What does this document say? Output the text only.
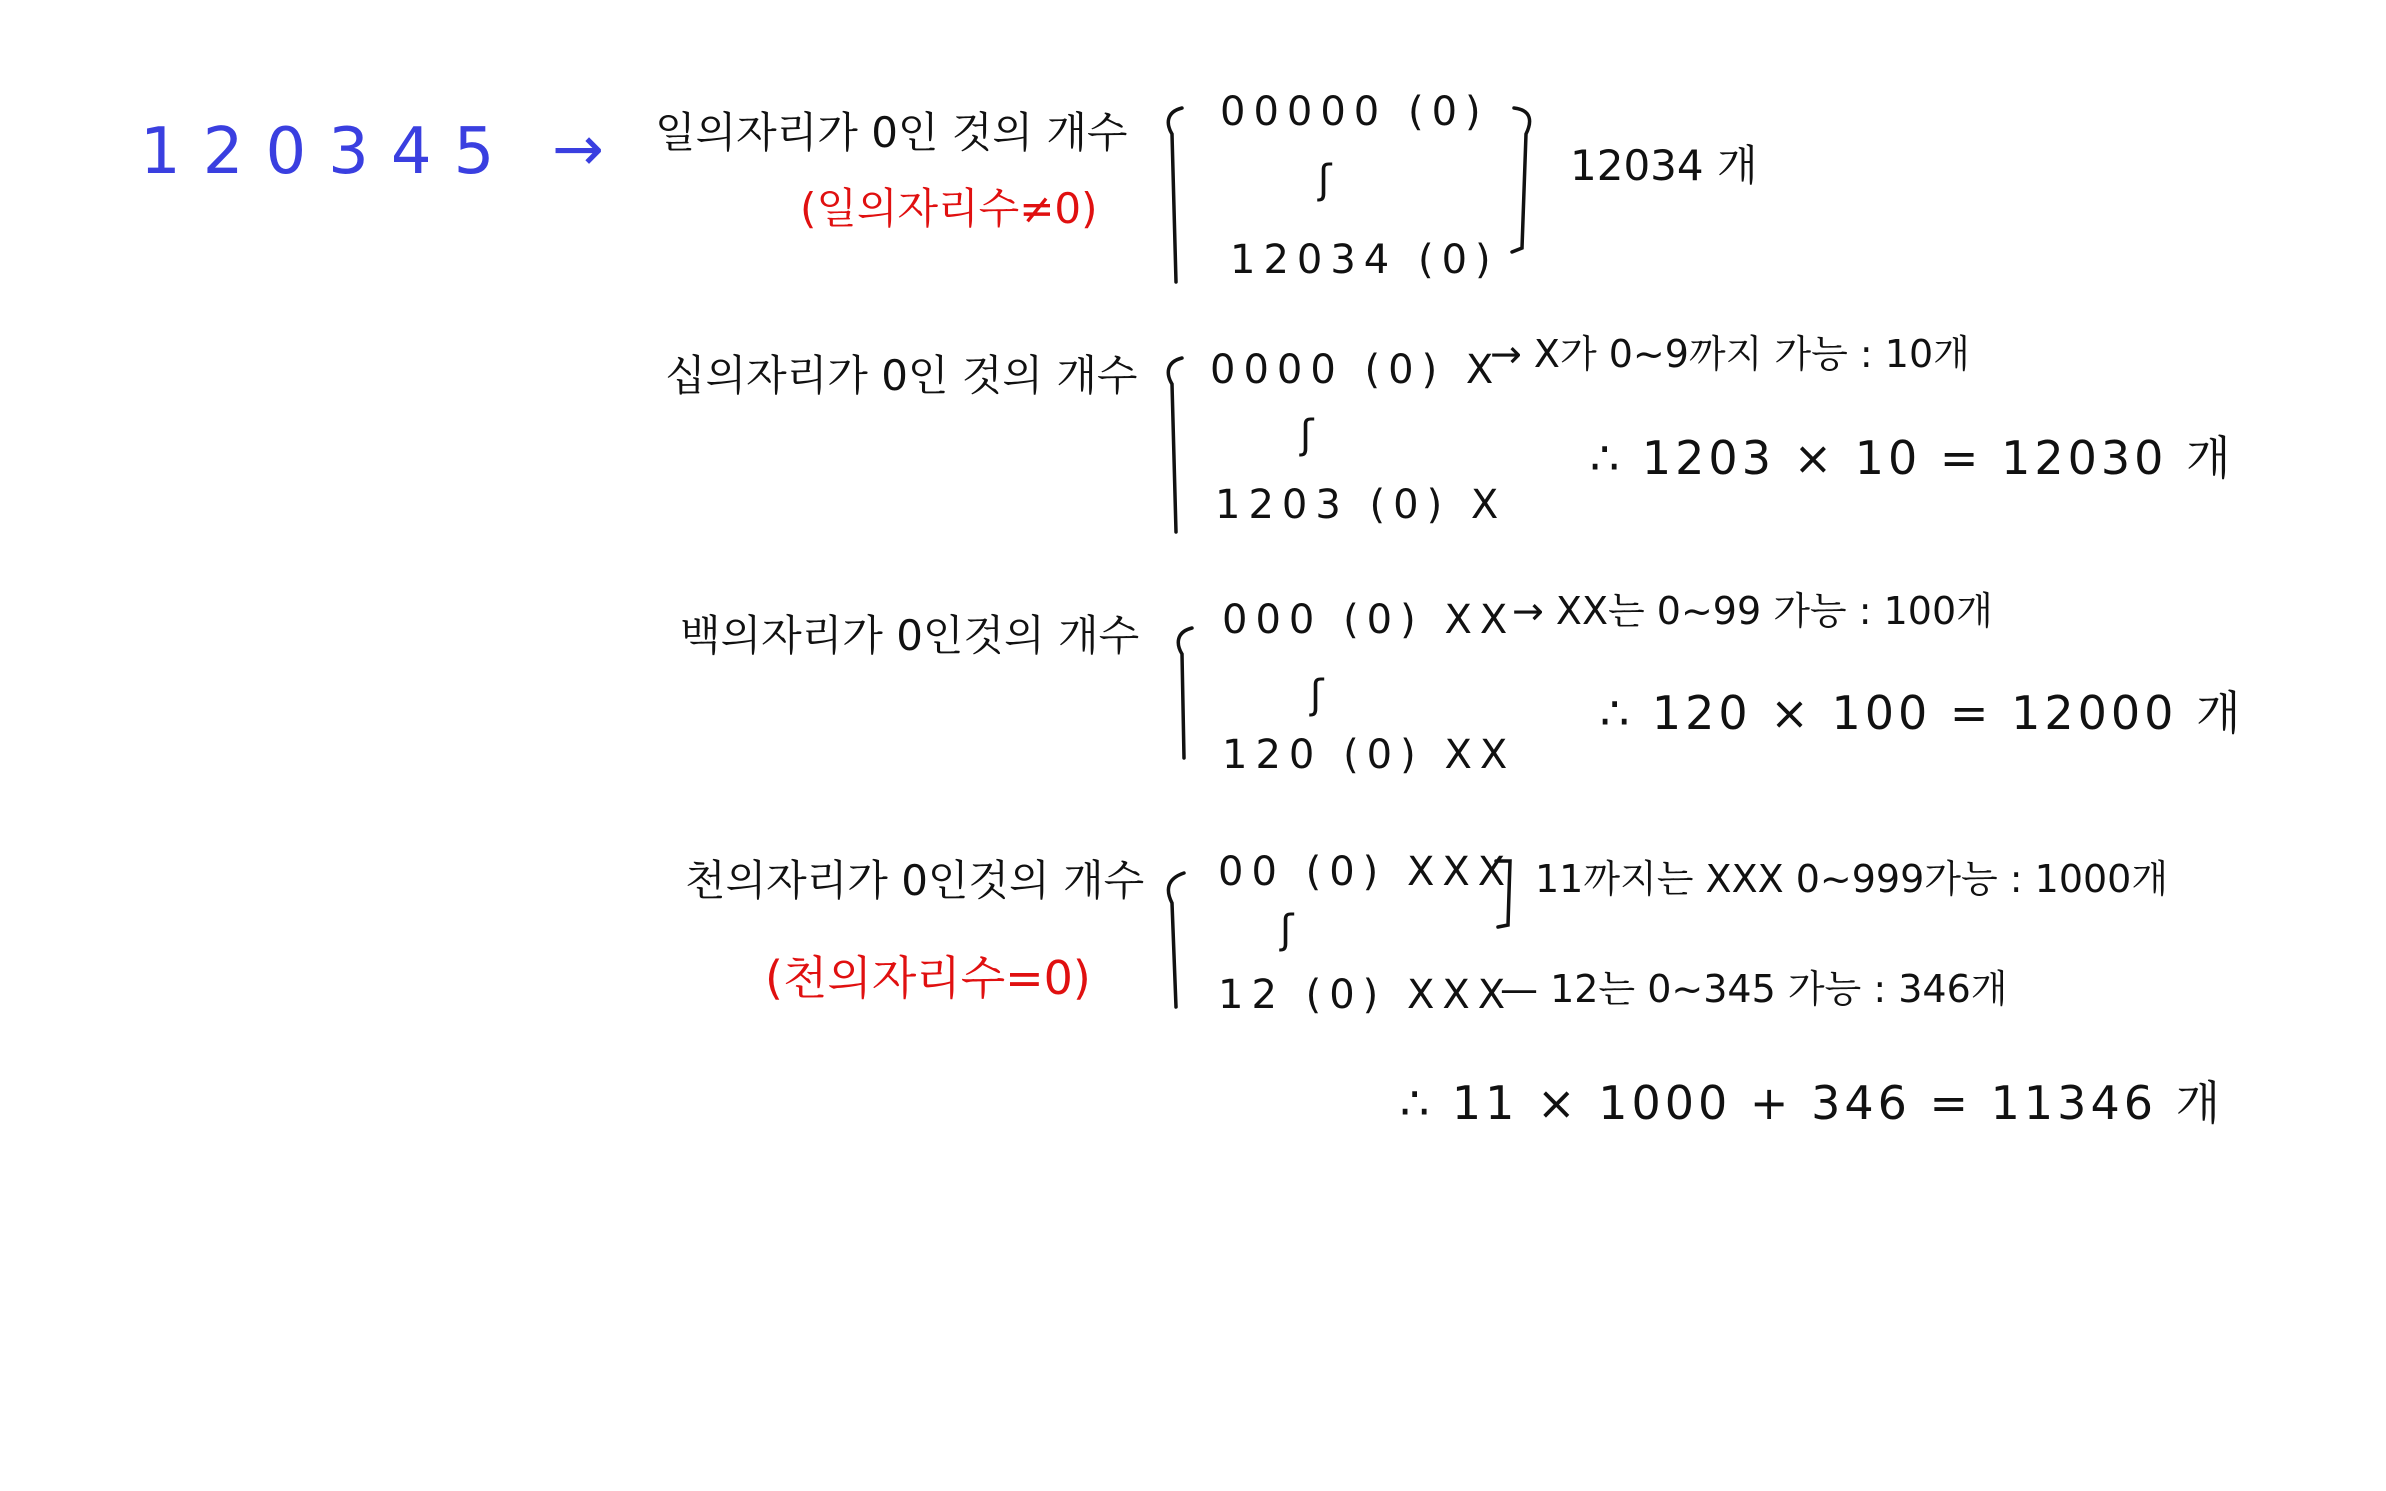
120345 → 일의자리가 0인 것의 개수
(일의자리수≠0)
00000 (0)
ʃ
12034 (0)
12034 개
십의자리가 0인 것의 개수 0000 (0) X
ʃ
1203 (0) X
→ X가 0~9까지 가능 : 10개
∴ 1203 × 10 = 12030 개
백의자리가 0인것의 개수 000 (0) XX
ʃ
120 (0) XX
→ XX는 0~99 가능 : 100개
∴ 120 × 100 = 12000 개
천의자리가 0인것의 개수
(천의자리수=0)
00 (0) XXX
ʃ
12 (0) XXX
11까지는 XXX 0~999가능 : 1000개
— 12는 0~345 가능 : 346개
∴ 11 × 1000 + 346 = 11346 개
